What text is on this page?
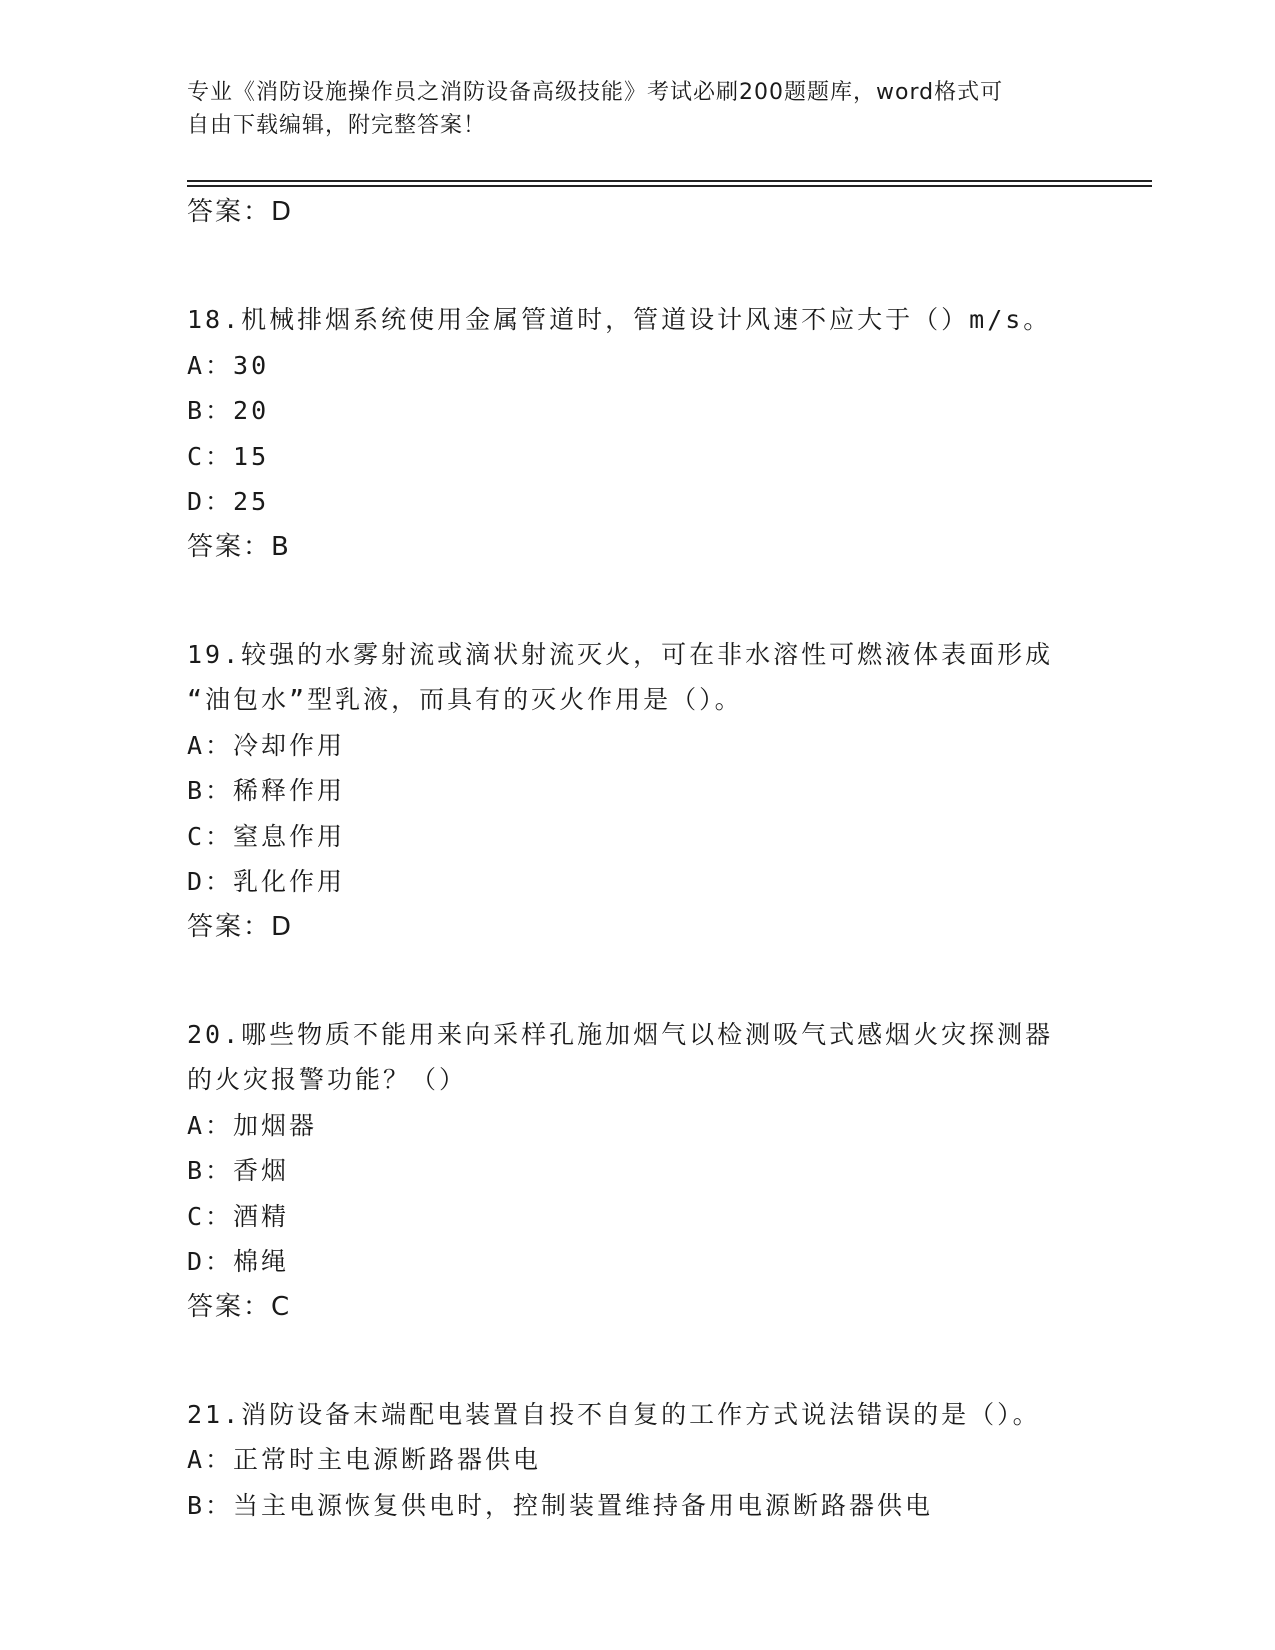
专业《消防设施操作员之消防设备高级技能》考试必刷200题题库，word格式可
自由下载编辑，附完整答案！
答案：D
18.机械排烟系统使用金属管道时，管道设计风速不应大于（）m/s。
A：30
B：20
C：15
D：25
答案：B
19.较强的水雾射流或滴状射流灭火，可在非水溶性可燃液体表面形成
“油包水”型乳液，而具有的灭火作用是（）。
A：冷却作用
B：稀释作用
C：窒息作用
D：乳化作用
答案：D
20.哪些物质不能用来向采样孔施加烟气以检测吸气式感烟火灾探测器
的火灾报警功能？（）
A：加烟器
B：香烟
C：酒精
D：棉绳
答案：C
21.消防设备末端配电装置自投不自复的工作方式说法错误的是（）。
A：正常时主电源断路器供电
B：当主电源恢复供电时，控制装置维持备用电源断路器供电
